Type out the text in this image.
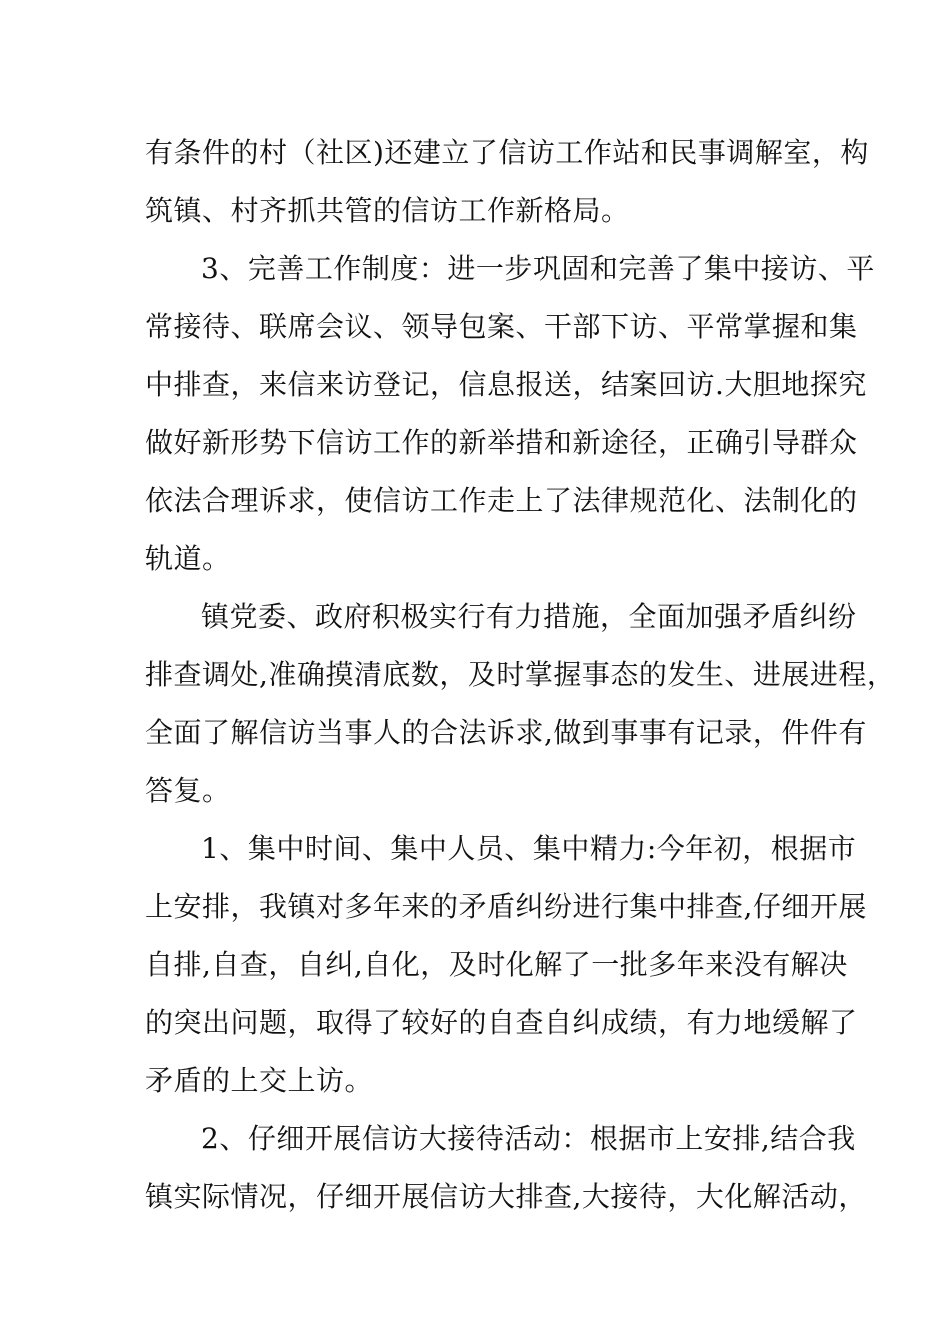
有条件的村（社区)还建立了信访工作站和民事调解室，构
筑镇、村齐抓共管的信访工作新格局。
3、完善工作制度：进一步巩固和完善了集中接访、平
常接待、联席会议、领导包案、干部下访、平常掌握和集
中排查，来信来访登记，信息报送，结案回访.大胆地探究
做好新形势下信访工作的新举措和新途径，正确引导群众
依法合理诉求，使信访工作走上了法律规范化、法制化的
轨道。
镇党委、政府积极实行有力措施，全面加强矛盾纠纷
排查调处,准确摸清底数，及时掌握事态的发生、进展进程，
全面了解信访当事人的合法诉求,做到事事有记录，件件有
答复。
1、集中时间、集中人员、集中精力:今年初，根据市
上安排，我镇对多年来的矛盾纠纷进行集中排查,仔细开展
自排,自查，自纠,自化，及时化解了一批多年来没有解决
的突出问题，取得了较好的自查自纠成绩，有力地缓解了
矛盾的上交上访。
2、仔细开展信访大接待活动：根据市上安排,结合我
镇实际情况，仔细开展信访大排查,大接待，大化解活动，
